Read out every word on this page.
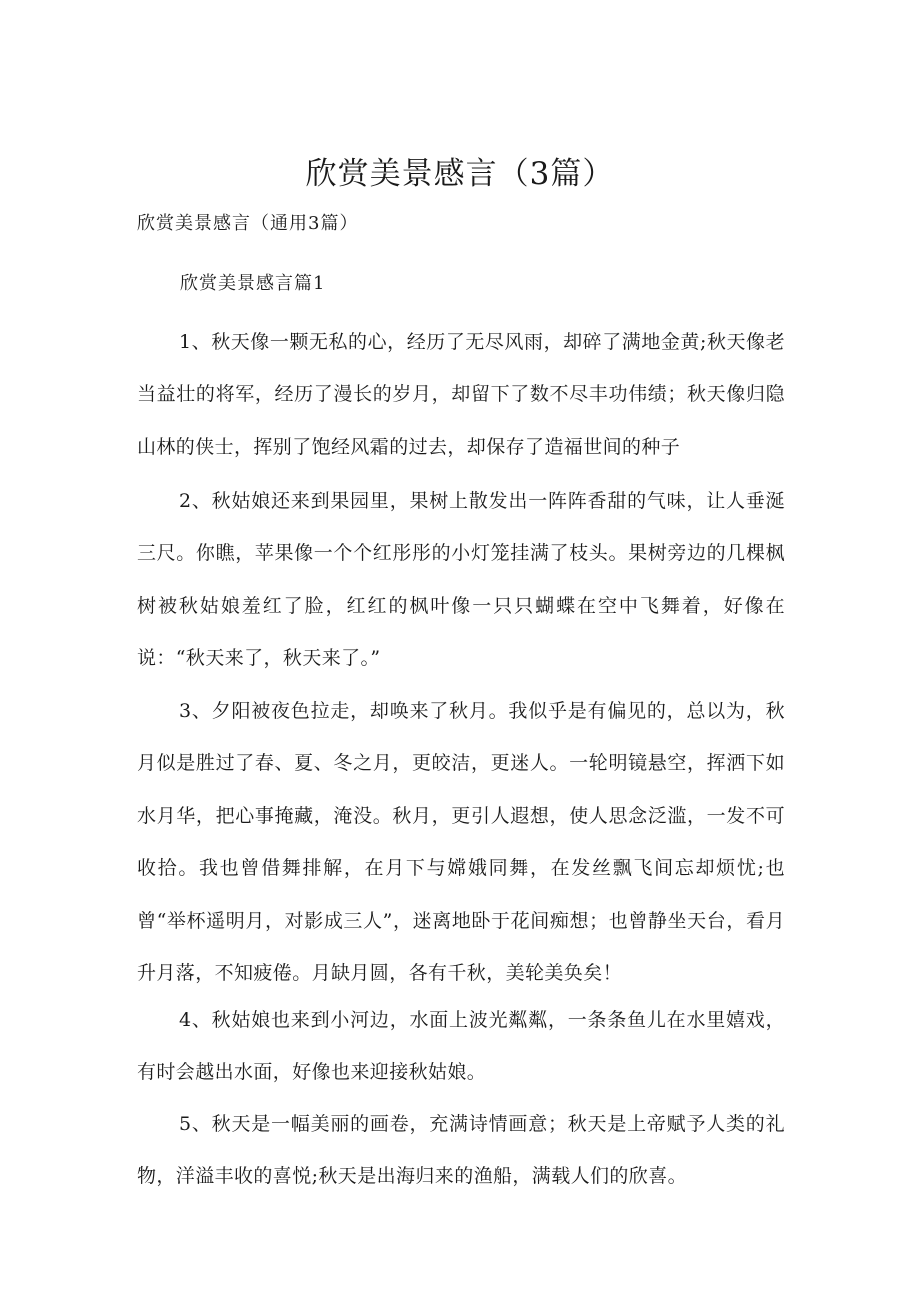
欣赏美景感言（3篇）

欣赏美景感言（通用3篇）

欣赏美景感言篇1

1、秋天像一颗无私的心，经历了无尽风雨，却碎了满地金黄;秋天像老当益壮的将军，经历了漫长的岁月，却留下了数不尽丰功伟绩；秋天像归隐山林的侠士，挥别了饱经风霜的过去，却保存了造福世间的种子

2、秋姑娘还来到果园里，果树上散发出一阵阵香甜的气味，让人垂涎三尺。你瞧，苹果像一个个红彤彤的小灯笼挂满了枝头。果树旁边的几棵枫树被秋姑娘羞红了脸，红红的枫叶像一只只蝴蝶在空中飞舞着，好像在说：“秋天来了，秋天来了。”

3、夕阳被夜色拉走，却唤来了秋月。我似乎是有偏见的，总以为，秋月似是胜过了春、夏、冬之月，更皎洁，更迷人。一轮明镜悬空，挥洒下如水月华，把心事掩藏，淹没。秋月，更引人遐想，使人思念泛滥，一发不可收拾。我也曾借舞排解，在月下与嫦娥同舞，在发丝飘飞间忘却烦忧;也曾“举杯遥明月，对影成三人”，迷离地卧于花间痴想；也曾静坐天台，看月升月落，不知疲倦。月缺月圆，各有千秋，美轮美奂矣！

4、秋姑娘也来到小河边，水面上波光粼粼，一条条鱼儿在水里嬉戏，有时会越出水面，好像也来迎接秋姑娘。

5、秋天是一幅美丽的画卷，充满诗情画意；秋天是上帝赋予人类的礼物，洋溢丰收的喜悦;秋天是出海归来的渔船，满载人们的欣喜。
